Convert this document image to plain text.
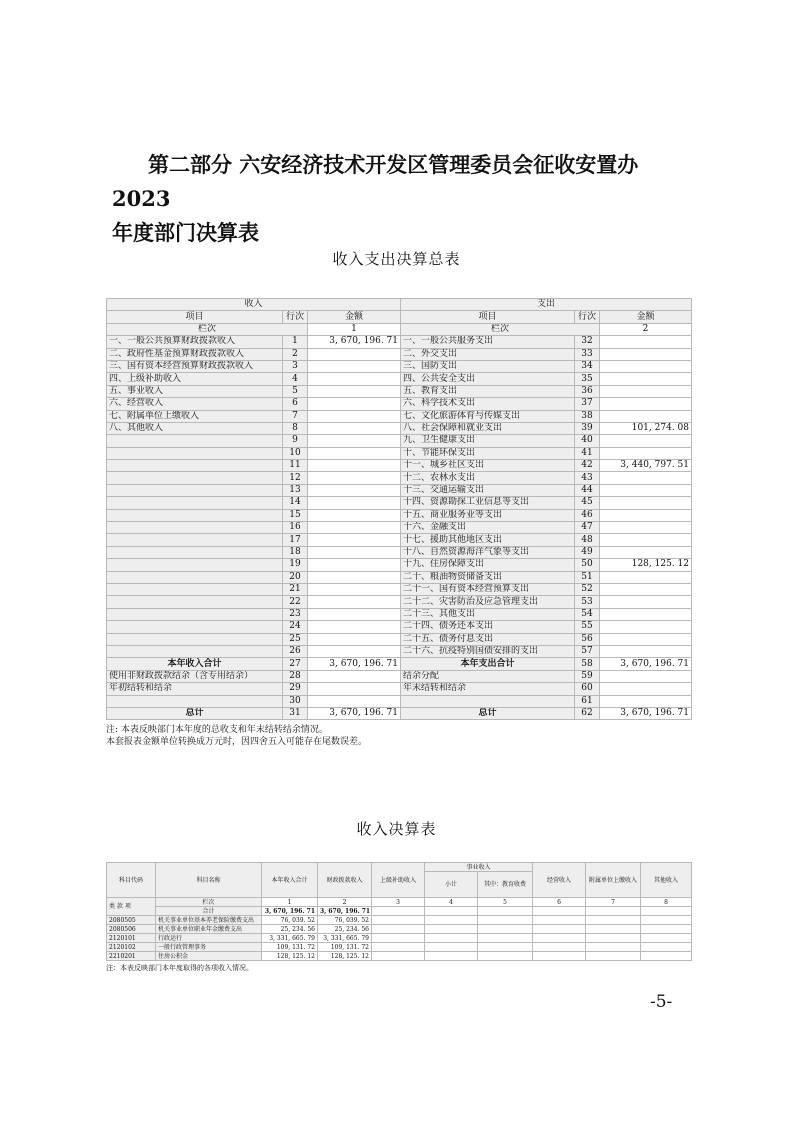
第二部分 六安经济技术开发区管理委员会征收安置办 2023
年度部门决算表
收入支出决算总表
收入			支出		
项目	行次	金额	项目	行次	金额
栏次		1	栏次		2
一、一般公共预算财政拨款收入	1	3, 670, 196. 71	一、一般公共服务支出	32	
二、政府性基金预算财政拨款收入	2		二、外交支出	33	
三、国有资本经营预算财政拨款收入	3		三、国防支出	34	
四、上级补助收入	4		四、公共安全支出	35	
五、事业收入	5		五、教育支出	36	
六、经营收入	6		六、科学技术支出	37	
七、附属单位上缴收入	7		七、文化旅游体育与传媒支出	38	
八、其他收入	8		八、社会保障和就业支出	39	101, 274. 08
	9		九、卫生健康支出	40	
	10		十、节能环保支出	41	
	11		十一、城乡社区支出	42	3, 440, 797. 51
	12		十二、农林水支出	43	
	13		十三、交通运输支出	44	
	14		十四、资源勘探工业信息等支出	45	
	15		十五、商业服务业等支出	46	
	16		十六、金融支出	47	
	17		十七、援助其他地区支出	48	
	18		十八、自然资源海洋气象等支出	49	
	19		十九、住房保障支出	50	128, 125. 12
	20		二十、粮油物资储备支出	51	
	21		二十一、国有资本经营预算支出	52	
	22		二十二、灾害防治及应急管理支出	53	
	23		二十三、其他支出	54	
	24		二十四、债务还本支出	55	
	25		二十五、债务付息支出	56	
	26		二十六、抗疫特别国债安排的支出	57	
本年收入合计	27	3, 670, 196. 71	本年支出合计	58	3, 670, 196. 71
使用非财政拨款结余（含专用结余）	28		结余分配	59	
年初结转和结余	29		年末结转和结余	60	
	30			61	
总计	31	3, 670, 196. 71	总计	62	3, 670, 196. 71
注: 本表反映部门本年度的总收支和年末结转结余情况。
本套报表金额单位转换成万元时，因四舍五入可能存在尾数误差。
收入决算表
科目代码	科目名称	本年收入合计	财政拨款收入	上级补助收入	事业收入		经营收入	附属单位上缴收入	其他收入
					小计	其中：教育收费			
类 款 项	栏次	1	2	3	4	5	6	7	8
	合计	3, 670, 196. 71	3, 670, 196. 71						
2080505	机关事业单位基本养老保险缴费支出	76, 039. 52	76, 039. 52						
2080506	机关事业单位职业年金缴费支出	25, 234. 56	25, 234. 56						
2120101	行政运行	3, 331, 665. 79	3, 331, 665. 79						
2120102	一般行政管理事务	109, 131. 72	109, 131. 72						
2210201	住房公积金	128, 125. 12	128, 125. 12						
注：本表反映部门本年度取得的各项收入情况。
-5-
